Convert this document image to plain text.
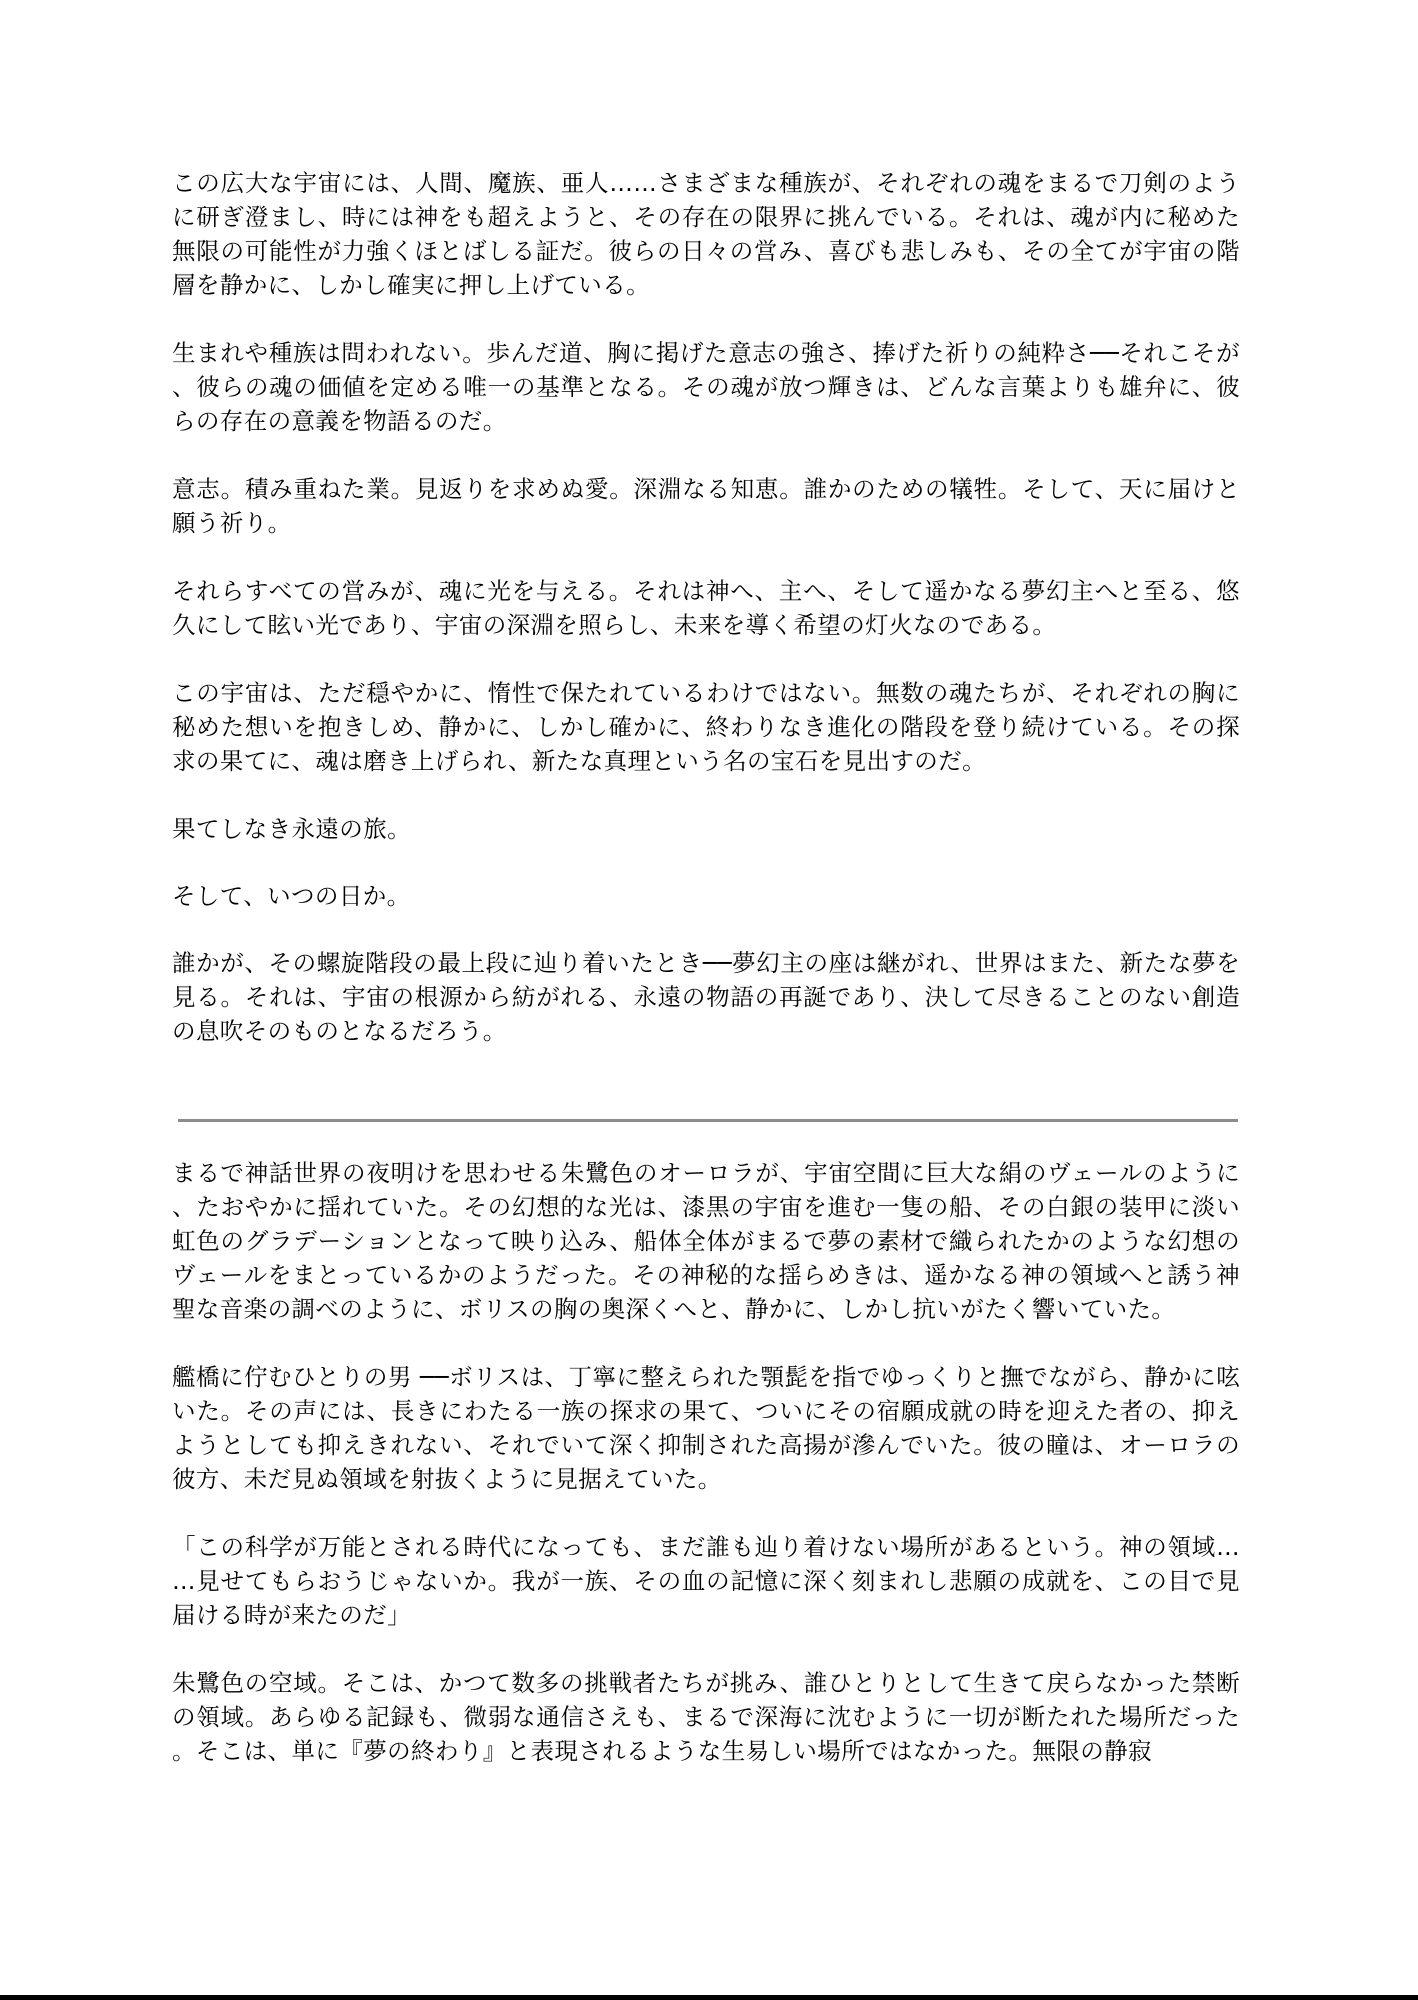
この広大な宇宙には、人間、魔族、亜人……さまざまな種族が、それぞれの魂をまるで刀剣のように研ぎ澄まし、時には神をも超えようと、その存在の限界に挑んでいる。それは、魂が内に秘めた無限の可能性が力強くほとばしる証だ。彼らの日々の営み、喜びも悲しみも、その全てが宇宙の階層を静かに、しかし確実に押し上げている。

生まれや種族は問われない。歩んだ道、胸に掲げた意志の強さ、捧げた祈りの純粋さ──それこそが、彼らの魂の価値を定める唯一の基準となる。その魂が放つ輝きは、どんな言葉よりも雄弁に、彼らの存在の意義を物語るのだ。

意志。積み重ねた業。見返りを求めぬ愛。深淵なる知恵。誰かのための犠牲。そして、天に届けと願う祈り。

それらすべての営みが、魂に光を与える。それは神へ、主へ、そして遥かなる夢幻主へと至る、悠久にして眩い光であり、宇宙の深淵を照らし、未来を導く希望の灯火なのである。

この宇宙は、ただ穏やかに、惰性で保たれているわけではない。無数の魂たちが、それぞれの胸に秘めた想いを抱きしめ、静かに、しかし確かに、終わりなき進化の階段を登り続けている。その探求の果てに、魂は磨き上げられ、新たな真理という名の宝石を見出すのだ。

果てしなき永遠の旅。

そして、いつの日か。

誰かが、その螺旋階段の最上段に辿り着いたとき──夢幻主の座は継がれ、世界はまた、新たな夢を見る。それは、宇宙の根源から紡がれる、永遠の物語の再誕であり、決して尽きることのない創造の息吹そのものとなるだろう。

まるで神話世界の夜明けを思わせる朱鷺色のオーロラが、宇宙空間に巨大な絹のヴェールのように、たおやかに揺れていた。その幻想的な光は、漆黒の宇宙を進む一隻の船、その白銀の装甲に淡い虹色のグラデーションとなって映り込み、船体全体がまるで夢の素材で織られたかのような幻想のヴェールをまとっているかのようだった。その神秘的な揺らめきは、遥かなる神の領域へと誘う神聖な音楽の調べのように、ボリスの胸の奥深くへと、静かに、しかし抗いがたく響いていた。

艦橋に佇むひとりの男 ──ボリスは、丁寧に整えられた顎髭を指でゆっくりと撫でながら、静かに呟いた。その声には、長きにわたる一族の探求の果て、ついにその宿願成就の時を迎えた者の、抑えようとしても抑えきれない、それでいて深く抑制された高揚が滲んでいた。彼の瞳は、オーロラの彼方、未だ見ぬ領域を射抜くように見据えていた。

「この科学が万能とされる時代になっても、まだ誰も辿り着けない場所があるという。神の領域……見せてもらおうじゃないか。我が一族、その血の記憶に深く刻まれし悲願の成就を、この目で見届ける時が来たのだ」

朱鷺色の空域。そこは、かつて数多の挑戦者たちが挑み、誰ひとりとして生きて戻らなかった禁断の領域。あらゆる記録も、微弱な通信さえも、まるで深海に沈むように一切が断たれた場所だった。そこは、単に『夢の終わり』と表現されるような生易しい場所ではなかった。無限の静寂
